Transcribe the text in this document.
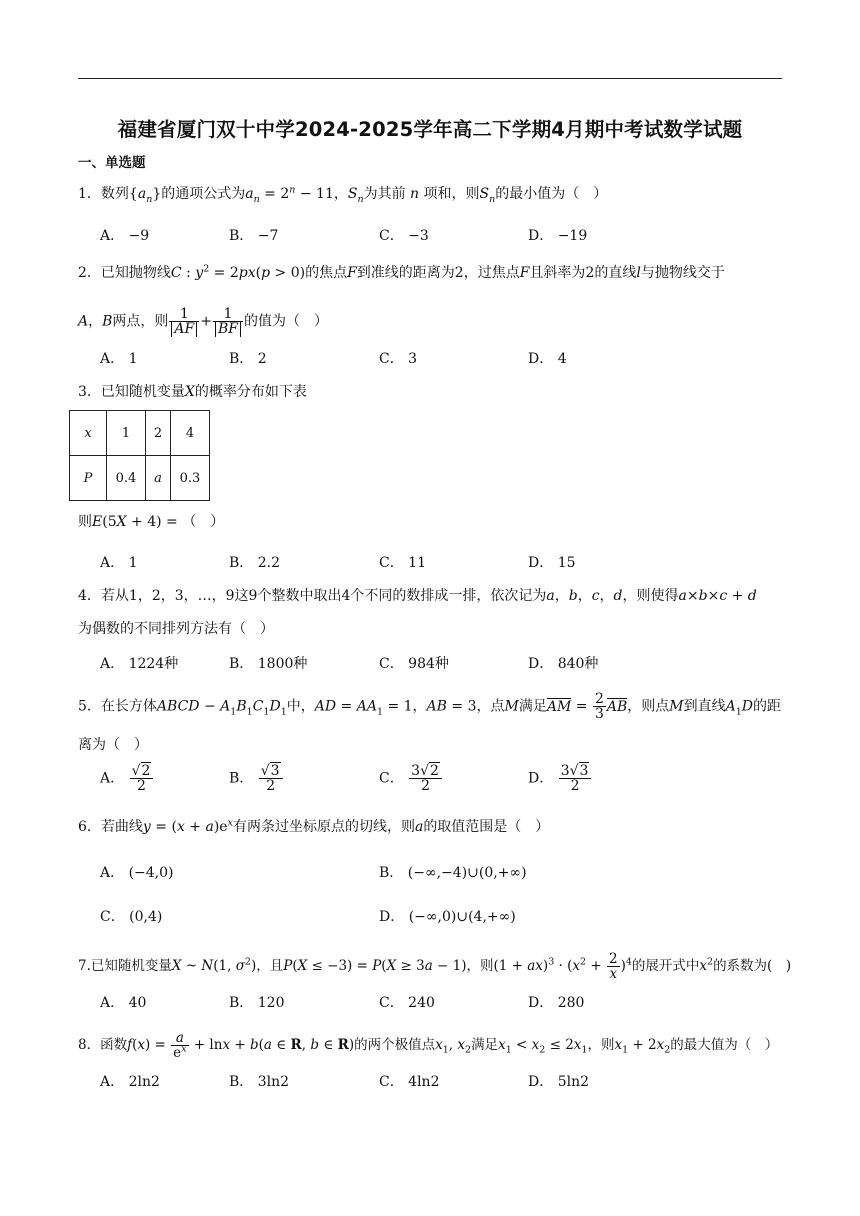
福建省厦门双十中学2024-2025学年高二下学期4月期中考试数学试题
一、单选题
1．数列$\{a_n\}$的通项公式为$a_n = 2^n - 11$，$S_n$为其前 n 项和，则$S_n$的最小值为（　）
A． −9	B． −7	C． −3	D． −19
2．已知抛物线C : $y^2 = 2px(p > 0)$的焦点F到准线的距离为2，过焦点F且斜率为2的直线l与抛物线交于
A，B两点，则 $\frac{1}{AF} + \frac{1}{BF}$ 的值为（　）
A． 1	B． 2	C． 3	D． 4
3．已知随机变量X的概率分布如下表
x	1	2	4
P	0.4	a	0.3
则E(5X + 4) = （　）
A． 1	B． 2.2	C． 11	D． 15
4．若从1，2，3，…，9这9个整数中取出4个不同的数排成一排，依次记为a，b，c，d，则使得a×b×c + d
为偶数的不同排列方法有（　）
A． 1224种	B． 1800种	C． 984种	D． 840种
5．在长方体ABCD − $A_1B_1C_1D_1$中，AD = $AA_1 = 1$，AB = 3，点M满足AM = $\frac{2}{3}$ AB，则点M到直线$A_1D$的距
离为（　）
A． $\frac{√2}{2}$	B． $\frac{√3}{2}$	C． $\frac{3√2}{2}$	D． $\frac{3√3}{2}$
6．若曲线$y = (x + a)e^x$有两条过坐标原点的切线，则a的取值范围是（　）
A． (−4,0)	B． (−∞,−4)∪(0,+∞)
C． (0,4)	D． (−∞,0)∪(4,+∞)
7.已知随机变量X ~ N(1, $\sigma^2$)，且P(X ≤ −3) = P(X ≥ 3a − 1)，则$(1 + ax)^3 \cdot (x^2 + \frac{2}{x} )^4$的展开式中$x^2$的系数为(　)
A． 40	B． 120	C． 240	D． 280
8．函数$f(x) = \frac{a}{e^x} + \ln x + b(a$ ∈ R, b ∈ R)的两个极值点$x_1$, $x_2$满足$x_1 < x_2 \le 2x_1$，则$x_1 + 2x_2$的最大值为（　）
A． 2ln2	B． 3ln2	C． 4ln2	D． 5ln2
